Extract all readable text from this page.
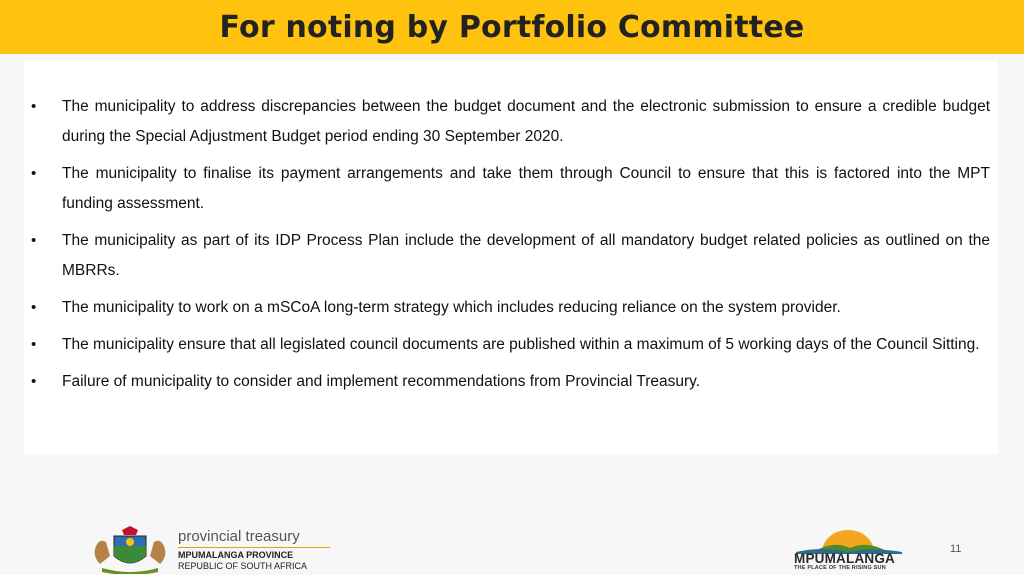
For noting by Portfolio Committee
• The municipality to address discrepancies between the budget document and the electronic submission to ensure a credible budget during the Special Adjustment Budget period ending 30 September 2020.
• The municipality to finalise its payment arrangements and take them through Council to ensure that this is factored into the MPT funding assessment.
• The municipality as part of its IDP Process Plan include the development of all mandatory budget related policies as outlined on the MBRRs.
• The municipality to work on a mSCoA long-term strategy which includes reducing reliance on the system provider.
• The municipality ensure that all legislated council documents are published within a maximum of 5 working days of the Council Sitting.
• Failure of municipality to consider and implement recommendations from Provincial Treasury.
provincial treasury
MPUMALANGA PROVINCE
REPUBLIC OF SOUTH AFRICA
11
MPUMALANGA
THE PLACE OF THE RISING SUN
